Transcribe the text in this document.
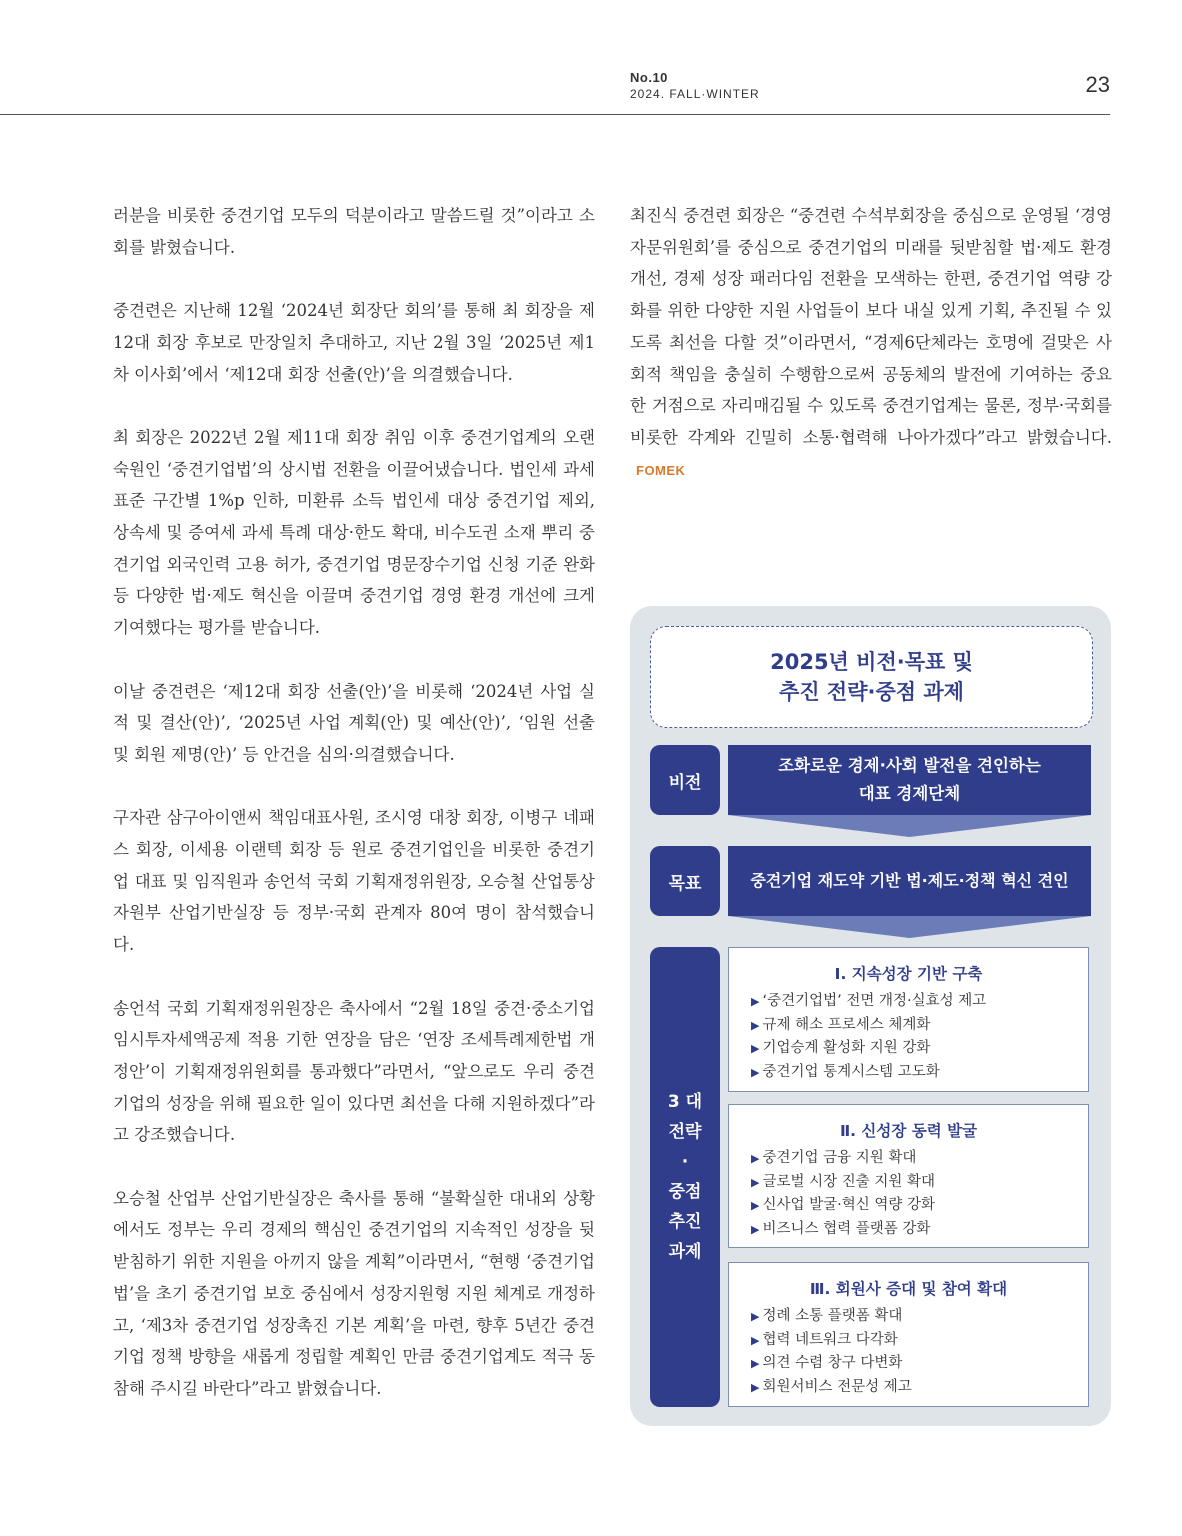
No.10
2024. FALL·WINTER	23

러분을 비롯한 중견기업 모두의 덕분이라고 말씀드릴 것”이라고 소회를 밝혔습니다.

중견련은 지난해 12월 ‘2024년 회장단 회의’를 통해 최 회장을 제12대 회장 후보로 만장일치 추대하고, 지난 2월 3일 ‘2025년 제1차 이사회’에서 ‘제12대 회장 선출(안)’을 의결했습니다.

최 회장은 2022년 2월 제11대 회장 취임 이후 중견기업계의 오랜 숙원인 ‘중견기업법’의 상시법 전환을 이끌어냈습니다. 법인세 과세표준 구간별 1%p 인하, 미환류 소득 법인세 대상 중견기업 제외, 상속세 및 증여세 과세 특례 대상·한도 확대, 비수도권 소재 뿌리 중견기업 외국인력 고용 허가, 중견기업 명문장수기업 신청 기준 완화 등 다양한 법·제도 혁신을 이끌며 중견기업 경영 환경 개선에 크게 기여했다는 평가를 받습니다.

이날 중견련은 ‘제12대 회장 선출(안)’을 비롯해 ‘2024년 사업 실적 및 결산(안)’, ‘2025년 사업 계획(안) 및 예산(안)’, ‘임원 선출 및 회원 제명(안)’ 등 안건을 심의·의결했습니다.

구자관 삼구아이앤씨 책임대표사원, 조시영 대창 회장, 이병구 네패스 회장, 이세용 이랜텍 회장 등 원로 중견기업인을 비롯한 중견기업 대표 및 임직원과 송언석 국회 기획재정위원장, 오승철 산업통상자원부 산업기반실장 등 정부·국회 관계자 80여 명이 참석했습니다.

송언석 국회 기획재정위원장은 축사에서 “2월 18일 중견·중소기업 임시투자세액공제 적용 기한 연장을 담은 ‘연장 조세특례제한법 개정안’이 기획재정위원회를 통과했다”라면서, “앞으로도 우리 중견기업의 성장을 위해 필요한 일이 있다면 최선을 다해 지원하겠다”라고 강조했습니다.

오승철 산업부 산업기반실장은 축사를 통해 “불확실한 대내외 상황에서도 정부는 우리 경제의 핵심인 중견기업의 지속적인 성장을 뒷받침하기 위한 지원을 아끼지 않을 계획”이라면서, “현행 ‘중견기업법’을 초기 중견기업 보호 중심에서 성장지원형 지원 체계로 개정하고, ‘제3차 중견기업 성장촉진 기본 계획’을 마련, 향후 5년간 중견기업 정책 방향을 새롭게 정립할 계획인 만큼 중견기업계도 적극 동참해 주시길 바란다”라고 밝혔습니다.

최진식 중견련 회장은 “중견련 수석부회장을 중심으로 운영될 ‘경영자문위원회’를 중심으로 중견기업의 미래를 뒷받침할 법·제도 환경 개선, 경제 성장 패러다임 전환을 모색하는 한편, 중견기업 역량 강화를 위한 다양한 지원 사업들이 보다 내실 있게 기획, 추진될 수 있도록 최선을 다할 것”이라면서, “경제6단체라는 호명에 걸맞은 사회적 책임을 충실히 수행함으로써 공동체의 발전에 기여하는 중요한 거점으로 자리매김될 수 있도록 중견기업계는 물론, 정부·국회를 비롯한 각계와 긴밀히 소통·협력해 나아가겠다”라고 밝혔습니다.FOMEK

2025년 비전·목표 및
추진 전략·중점 과제
비전
조화로운 경제·사회 발전을 견인하는
대표 경제단체
목표	중견기업 재도약 기반 법·제도·정책 혁신 견인
3 대
전략
·
중점
추진
과제
Ⅰ. 지속성장 기반 구축
▶ ‘중견기업법’ 전면 개정·실효성 제고
▶ 규제 해소 프로세스 체계화
▶ 기업승계 활성화 지원 강화
▶ 중견기업 통계시스템 고도화
Ⅱ. 신성장 동력 발굴
▶ 중견기업 금융 지원 확대
▶ 글로벌 시장 진출 지원 확대
▶ 신사업 발굴·혁신 역량 강화
▶ 비즈니스 협력 플랫폼 강화
Ⅲ. 회원사 증대 및 참여 확대
▶ 정례 소통 플랫폼 확대
▶ 협력 네트워크 다각화
▶ 의견 수렴 창구 다변화
▶ 회원서비스 전문성 제고
